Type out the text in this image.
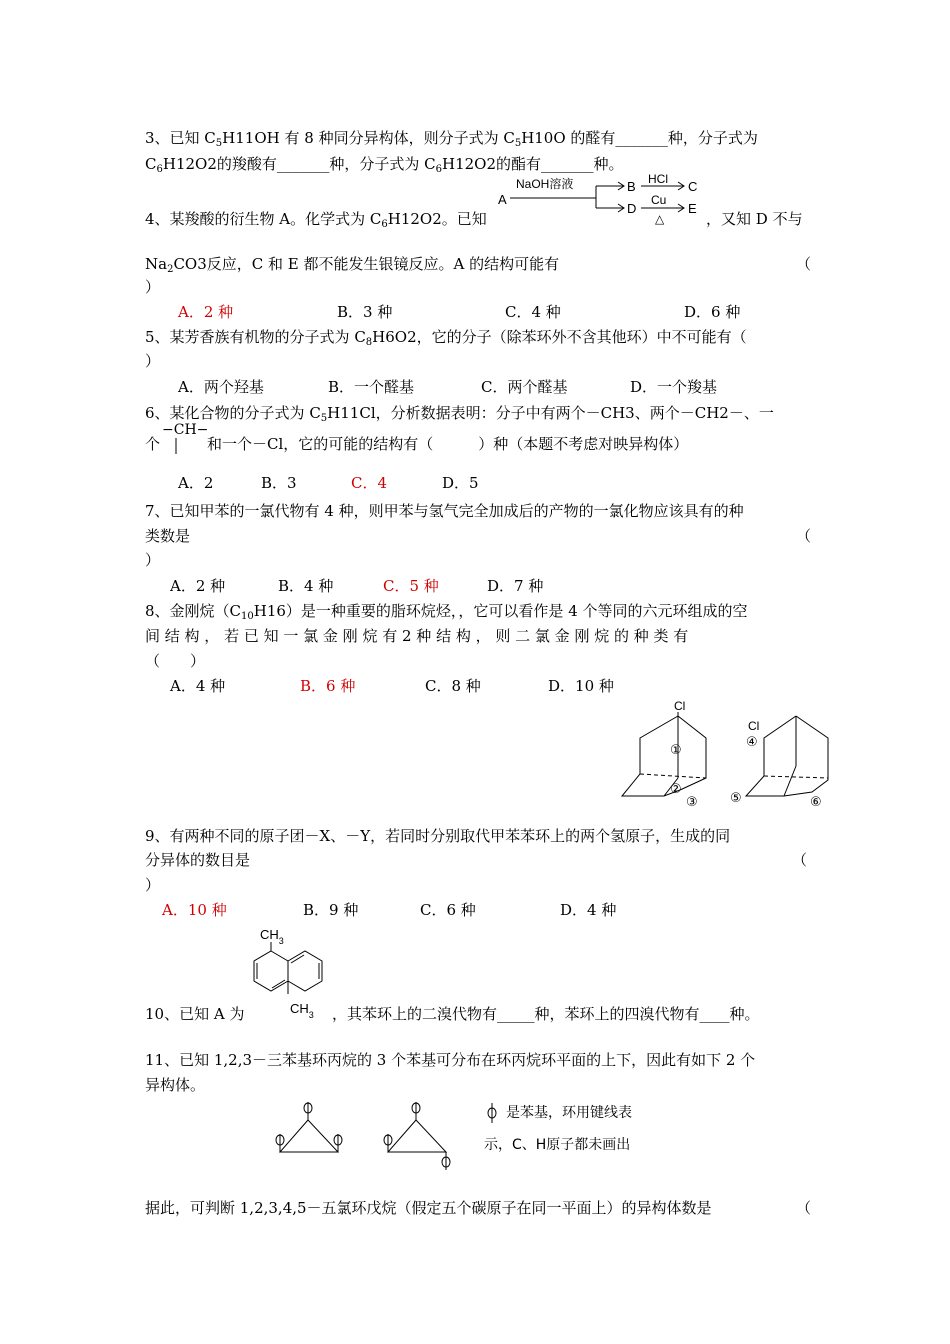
3、已知 $C_5H11OH$ 有 8 种同分异构体，则分子式为 $C_5H10O$ 的醛有_______种，分子式为
$C_6H12O2$的羧酸有_______种，分子式为 $C_6H12O2$的酯有_______种。
4、某羧酸的衍生物 A。化学式为 $C_6H12O2$。已知
A
NaOH溶液	B
D
HCl C
Cu
△
E
，又知 D 不与
$Na_2CO3$反应，C 和 E 都不能发生银镜反应。A 的结构可能有	（
）
A．2 种	B．3 种	C．4 种	D．6 种
5、某芳香族有机物的分子式为 $C_8H6O2$，它的分子（除苯环外不含其他环）中不可能有（
）
A．两个羟基	B．一个醛基	C．两个醛基	D．一个羧基
6、某化合物的分子式为 $C_5H11Cl$，分析数据表明：分子中有两个－CH3、两个－CH2－、一
个
−CH−
和一个－Cl，它的可能的结构有（　　　）种（本题不考虑对映异构体）
A．2	B．3	C．4	D．5
7、已知甲苯的一氯代物有 4 种，则甲苯与氢气完全加成后的产物的一氯化物应该具有的种
类数是	（
）
A．2 种	B．4 种	C．5 种	D．7 种
8、金刚烷$(C_{10}H16)$是一种重要的脂环烷烃，，它可以看作是 4 个等同的六元环组成的空
间 结 构 ， 若 已 知 一 氯 金 刚 烷 有 2 种 结 构 ， 则 二 氯 金 刚 烷 的 种 类 有
（　　）
A．4 种	B．6 种	C．8 种	D．10 种
Cl
①
②
③
Cl
④
⑤	⑥
9、有两种不同的原子团－X、－Y，若同时分别取代甲苯苯环上的两个氢原子，生成的同
分异体的数目是	（
）
A．10 种	B．9 种	C．6 种	D．4 种
$CH_3$
$CH_3$
10、已知 A 为	，其苯环上的二溴代物有_____种，苯环上的四溴代物有____种。
11、已知 1,2,3－三苯基环丙烷的 3 个苯基可分布在环丙烷环平面的上下，因此有如下 2 个
异构体。
是苯基，环用键线表
示，C、H原子都未画出
据此，可判断 1,2,3,4,5－五氯环戊烷（假定五个碳原子在同一平面上）的异构体数是	（
